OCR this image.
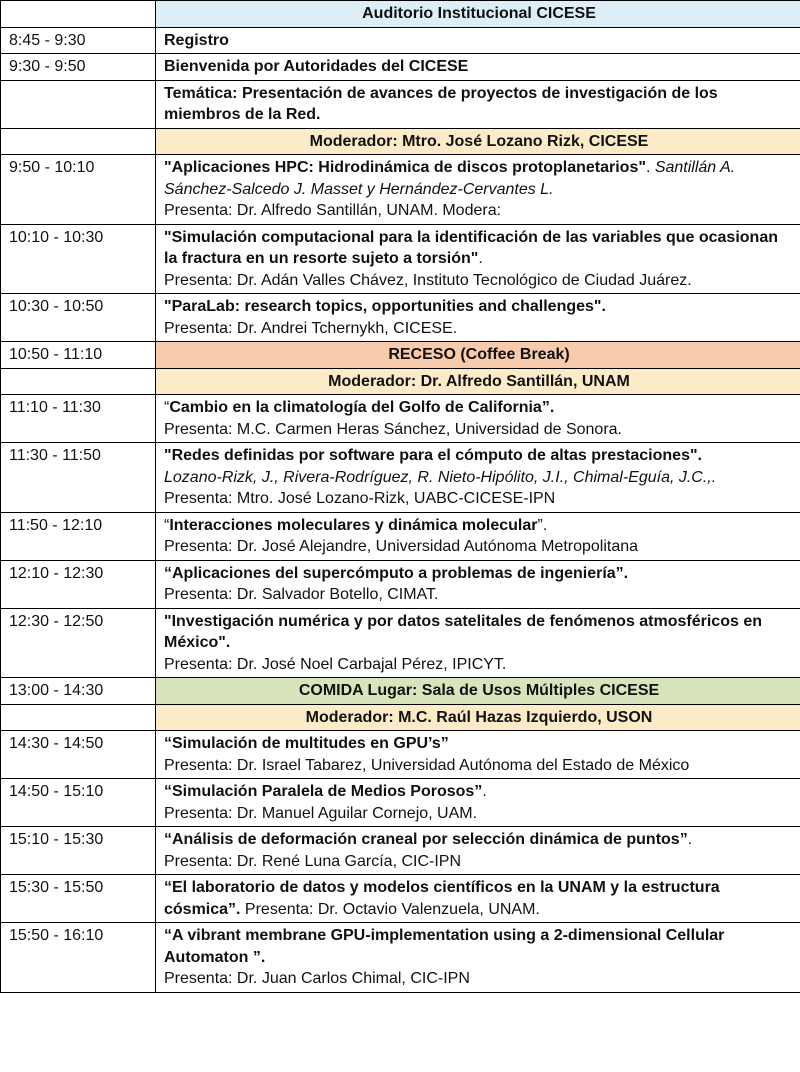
	Auditorio Institucional CICESE
8:45 - 9:30	Registro
9:30 - 9:50	Bienvenida por Autoridades del CICESE
	Temática: Presentación de avances de proyectos de investigación de los miembros de la Red.
	Moderador: Mtro. José Lozano Rizk, CICESE
9:50 - 10:10	"Aplicaciones HPC: Hidrodinámica de discos protoplanetarios". Santillán A. Sánchez-Salcedo J. Masset y Hernández-Cervantes L.
Presenta: Dr. Alfredo Santillán, UNAM. Modera:

10:10 - 10:30	"Simulación computacional para la identificación de las variables que ocasionan la fractura en un resorte sujeto a torsión".
Presenta: Dr. Adán Valles Chávez, Instituto Tecnológico de Ciudad Juárez.

10:30 - 10:50	"ParaLab: research topics, opportunities and challenges".
Presenta: Dr. Andrei Tchernykh, CICESE.

10:50 - 11:10	RECESO (Coffee Break)
	Moderador: Dr. Alfredo Santillán, UNAM
11:10 - 11:30	“Cambio en la climatología del Golfo de California”.
Presenta: M.C. Carmen Heras Sánchez, Universidad de Sonora.

11:30 - 11:50	"Redes definidas por software para el cómputo de altas prestaciones".
Lozano-Rizk, J., Rivera-Rodríguez, R. Nieto-Hipólito, J.I., Chimal-Eguía, J.C.,.
Presenta: Mtro. José Lozano-Rizk, UABC-CICESE-IPN

11:50 - 12:10	“Interacciones moleculares y dinámica molecular”.
Presenta: Dr. José Alejandre, Universidad Autónoma Metropolitana

12:10 - 12:30	“Aplicaciones del supercómputo a problemas de ingeniería”.
Presenta: Dr. Salvador Botello, CIMAT.

12:30 - 12:50	"Investigación numérica y por datos satelitales de fenómenos atmosféricos en México".
Presenta: Dr. José Noel Carbajal Pérez, IPICYT.

13:00 - 14:30	COMIDA Lugar: Sala de Usos Múltiples CICESE
	Moderador: M.C. Raúl Hazas Izquierdo, USON
14:30 - 14:50	“Simulación de multitudes en GPU’s”
Presenta: Dr. Israel Tabarez, Universidad Autónoma del Estado de México

14:50 - 15:10	“Simulación Paralela de Medios Porosos”.
Presenta: Dr. Manuel Aguilar Cornejo, UAM.

15:10 - 15:30	“Análisis de deformación craneal por selección dinámica de puntos”.
Presenta: Dr. René Luna García, CIC-IPN

15:30 - 15:50	“El laboratorio de datos y modelos científicos en la UNAM y la estructura cósmica”. Presenta: Dr. Octavio Valenzuela, UNAM.
15:50 - 16:10	“A vibrant membrane GPU-implementation using a 2-dimensional Cellular Automaton ”.
Presenta: Dr. Juan Carlos Chimal, CIC-IPN
